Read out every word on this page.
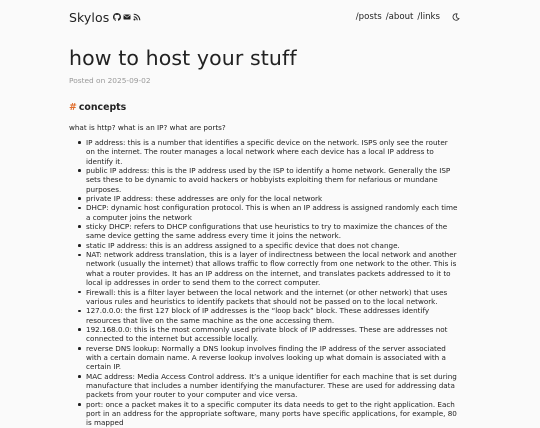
Skylos	/posts /about /links
how to host your stuff
Posted on 2025-09-02
# concepts

what is http? what is an IP? what are ports?

IP address: this is a number that identifies a specific device on the network. ISPS only see the router on the internet. The router manages a local network where each device has a local IP address to identify it.
public IP address: this is the IP address used by the ISP to identify a home network. Generally the ISP sets these to be dynamic to avoid hackers or hobbyists exploiting them for nefarious or mundane purposes.
private IP address: these addresses are only for the local network
DHCP: dynamic host configuration protocol. This is when an IP address is assigned randomly each time a computer joins the network
sticky DHCP: refers to DHCP configurations that use heuristics to try to maximize the chances of the same device getting the same address every time it joins the network.
static IP address: this is an address assigned to a specific device that does not change.
NAT: network address translation, this is a layer of indirectness between the local network and another network (usually the internet) that allows traffic to flow correctly from one network to the other. This is what a router provides. It has an IP address on the internet, and translates packets addressed to it to local ip addresses in order to send them to the correct computer.
Firewall: this is a filter layer between the local network and the internet (or other network) that uses various rules and heuristics to identify packets that should not be passed on to the local network.
127.0.0.0: the first 127 block of IP addresses is the “loop back” block. These addresses identify resources that live on the same machine as the one accessing them.
192.168.0.0: this is the most commonly used private block of IP addresses. These are addresses not connected to the internet but accessible locally.
reverse DNS lookup: Normally a DNS lookup involves finding the IP address of the server associated with a certain domain name. A reverse lookup involves looking up what domain is associated with a certain IP.
MAC address: Media Access Control address. It’s a unique identifier for each machine that is set during manufacture that includes a number identifying the manufacturer. These are used for addressing data packets from your router to your computer and vice versa.
port: once a packet makes it to a specific computer its data needs to get to the right application. Each port in an address for the appropriate software, many ports have specific applications, for example, 80 is mapped
